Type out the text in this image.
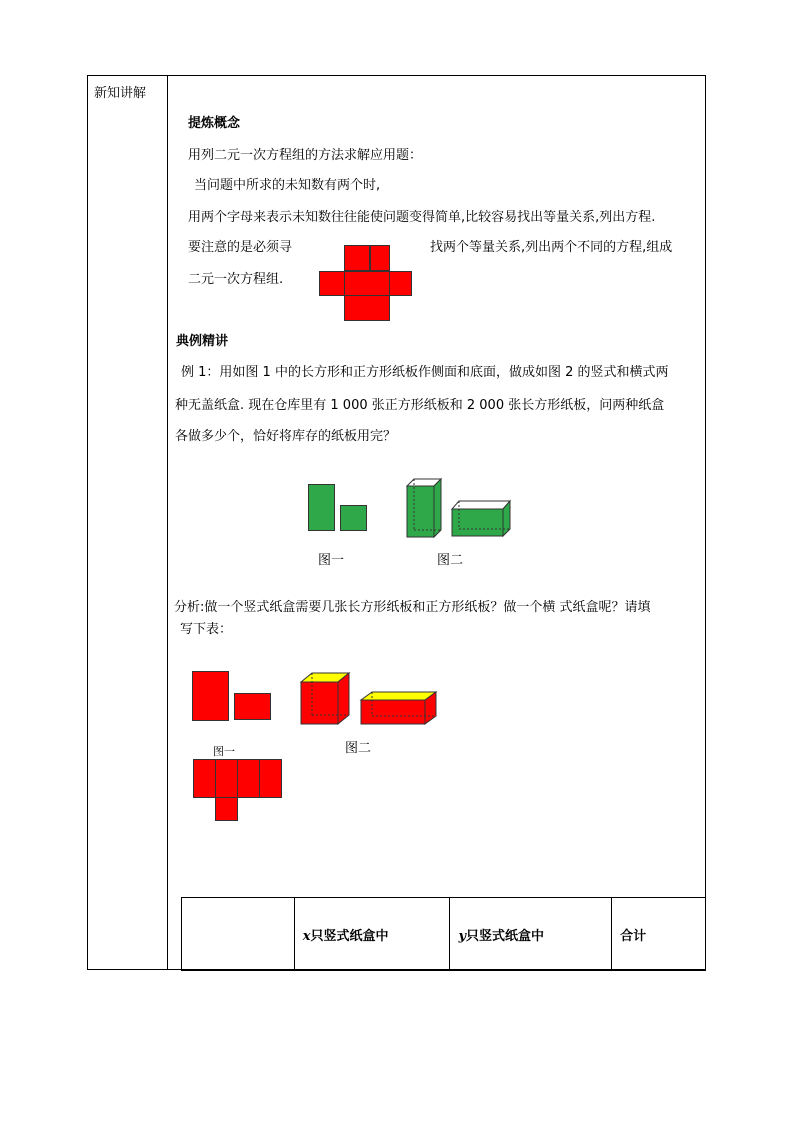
新知讲解
提炼概念
用列二元一次方程组的方法求解应用题：
当问题中所求的未知数有两个时,
用两个字母来表示未知数往往能使问题变得简单,比较容易找出等量关系,列出方程.
要注意的是必须寻	找两个等量关系,列出两个不同的方程,组成
二元一次方程组.
典例精讲
例 1：用如图 1 中的长方形和正方形纸板作侧面和底面，做成如图 2 的竖式和横式两
种无盖纸盒. 现在仓库里有 1 000 张正方形纸板和 2 000 张长方形纸板，问两种纸盒
各做多少个，恰好将库存的纸板用完？
图一	图二
分析:做一个竖式纸盒需要几张长方形纸板和正方形纸板？做一个横 式纸盒呢？请填
写下表：
图一	图二
	x只竖式纸盒中	y只竖式纸盒中	合计
